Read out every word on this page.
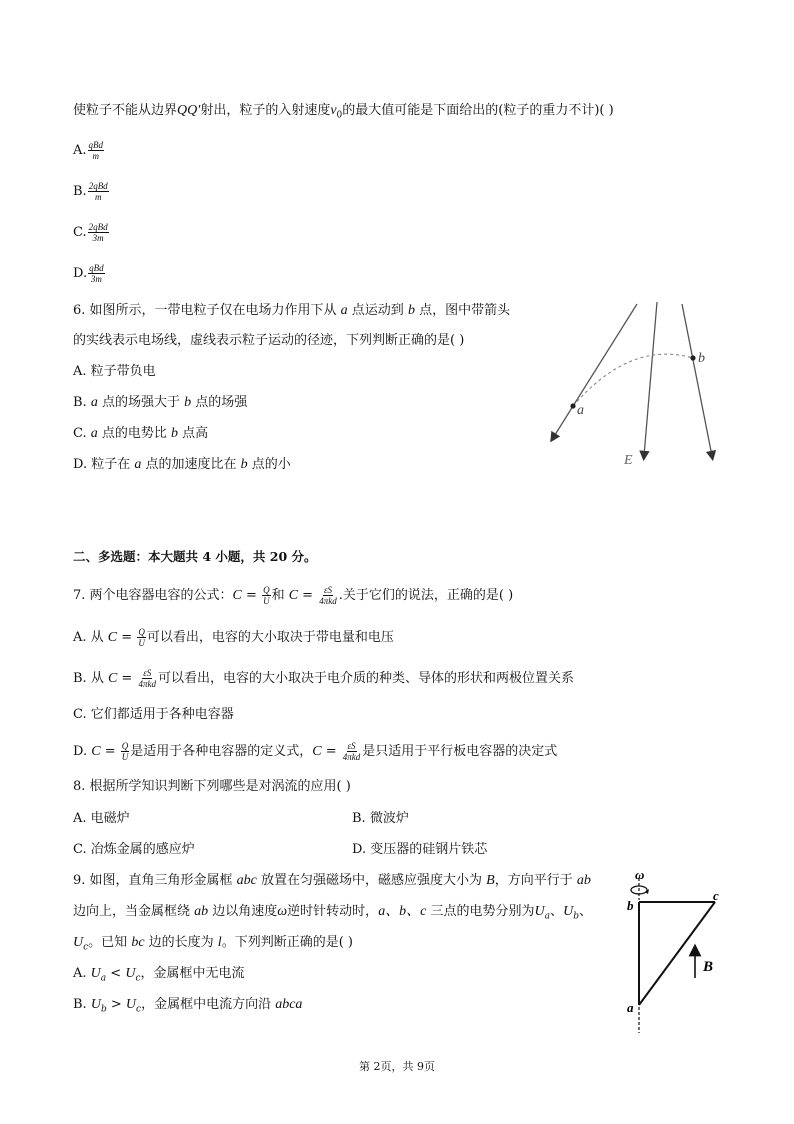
使粒子不能从边界QQ′射出，粒子的入射速度$v_0$的最大值可能是下面给出的(粒子的重力不计)( )
A. $\frac{\text{qBd}}{m}$
B. $\frac{\text{2qBd}}{m}$
C. $\frac{\text{2qBd}}{3m}$
D. $\frac{\text{qBd}}{3m}$
6. 如图所示，一带电粒子仅在电场力作用下从 a 点运动到 b 点，图中带箭头
的实线表示电场线，虚线表示粒子运动的径迹，下列判断正确的是( )
A. 粒子带负电
B. a 点的场强大于 b 点的场强
C. a 点的电势比 b 点高
D. 粒子在 a 点的加速度比在 b 点的小
a
b
E
二、多选题：本大题共 4 小题，共 20 分。
7. 两个电容器电容的公式：$C = \frac{Q}{U}$ 和 $C = \frac{\varepsilon S}{\text{4πkd}}$ .关于它们的说法，正确的是( )
A. 从 $C = \frac{Q}{U}$ 可以看出，电容的大小取决于带电量和电压
B. 从 $C = \frac{\varepsilon S}{\text{4πkd}}$ 可以看出，电容的大小取决于电介质的种类、导体的形状和两极位置关系
C. 它们都适用于各种电容器
D. $C = \frac{Q}{U}$ 是适用于各种电容器的定义式，$C = \frac{\varepsilon S}{\text{4πkd}}$ 是只适用于平行板电容器的决定式
8. 根据所学知识判断下列哪些是对涡流的应用( )
A. 电磁炉	B. 微波炉
C. 冶炼金属的感应炉	D. 变压器的硅钢片铁芯
9. 如图，直角三角形金属框 abc 放置在匀强磁场中，磁感应强度大小为 B，方向平行于 ab
边向上，当金属框绕 ab 边以角速度ω逆时针转动时，a、b、c 三点的电势分别为$U_a$、$U_b$、
$U_c$。已知 bc 边的长度为 l。下列判断正确的是( )
A. $U_a < U_c$，金属框中无电流
B. $U_b > U_c$，金属框中电流方向沿 abca
ω
b
c
a
B
第 2页，共 9页
